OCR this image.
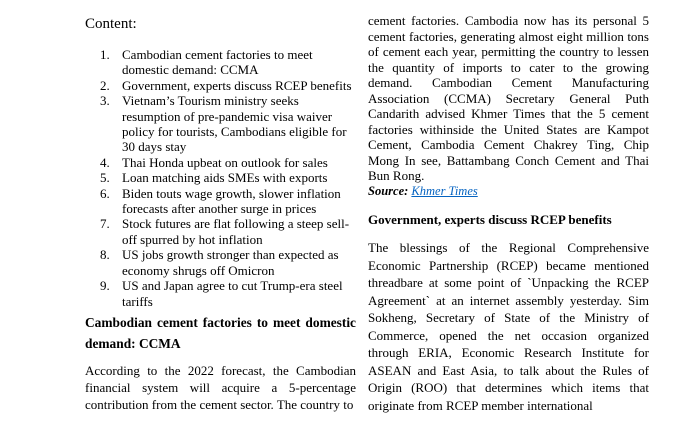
Content:
1. Cambodian cement factories to meet domestic demand: CCMA
2. Government, experts discuss RCEP benefits
3. Vietnam’s Tourism ministry seeks resumption of pre-pandemic visa waiver policy for tourists, Cambodians eligible for 30 days stay
4. Thai Honda upbeat on outlook for sales
5. Loan matching aids SMEs with exports
6. Biden touts wage growth, slower inflation forecasts after another surge in prices
7. Stock futures are flat following a steep sell-off spurred by hot inflation
8. US jobs growth stronger than expected as economy shrugs off Omicron
9. US and Japan agree to cut Trump-era steel tariffs
Cambodian cement factories to meet domestic demand: CCMA

According to the 2022 forecast, the Cambodian financial system will acquire a 5-percentage contribution from the cement sector. The country to

cement factories. Cambodia now has its personal 5 cement factories, generating almost eight million tons of cement each year, permitting the country to lessen the quantity of imports to cater to the growing demand. Cambodian Cement Manufacturing Association (CCMA) Secretary General Puth Candarith advised Khmer Times that the 5 cement factories withinside the United States are Kampot Cement, Cambodia Cement Chakrey Ting, Chip Mong In see, Battambang Conch Cement and Thai Bun Rong.

Source: Khmer Times

Government, experts discuss RCEP benefits

The blessings of the Regional Comprehensive Economic Partnership (RCEP) became mentioned threadbare at some point of `Unpacking the RCEP Agreement` at an internet assembly yesterday. Sim Sokheng, Secretary of State of the Ministry of Commerce, opened the net occasion organized through ERIA, Economic Research Institute for ASEAN and East Asia, to talk about the Rules of Origin (ROO) that determines which items that originate from RCEP member international
